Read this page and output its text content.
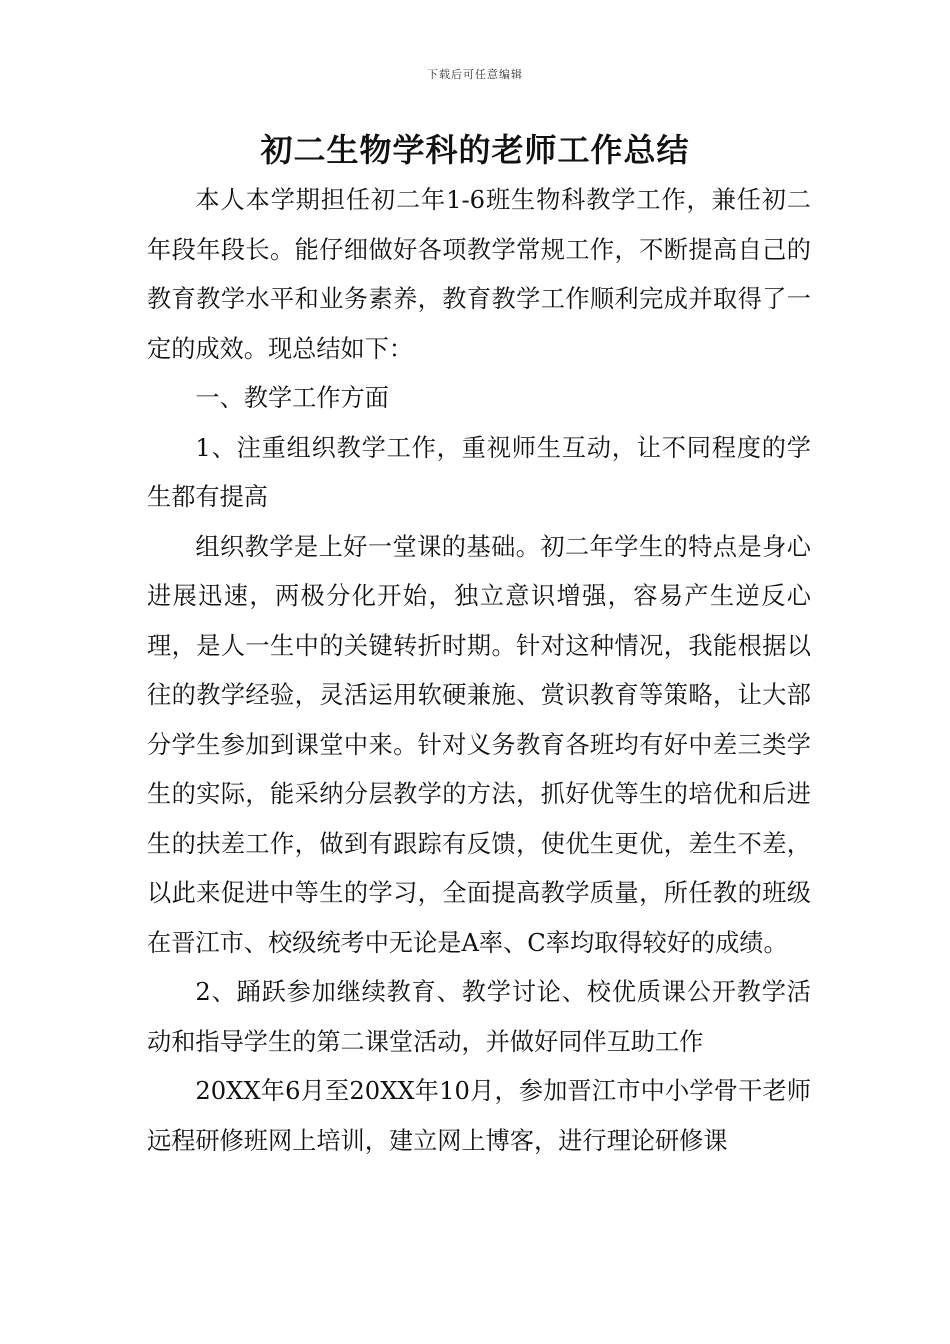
下载后可任意编辑
初二生物学科的老师工作总结

本人本学期担任初二年1-6班生物科教学工作，兼任初二年段年段长。能仔细做好各项教学常规工作，不断提高自己的教育教学水平和业务素养，教育教学工作顺利完成并取得了一定的成效。现总结如下：

一、教学工作方面

1、注重组织教学工作，重视师生互动，让不同程度的学生都有提高

组织教学是上好一堂课的基础。初二年学生的特点是身心进展迅速，两极分化开始，独立意识增强，容易产生逆反心理，是人一生中的关键转折时期。针对这种情况，我能根据以往的教学经验，灵活运用软硬兼施、赏识教育等策略，让大部分学生参加到课堂中来。针对义务教育各班均有好中差三类学生的实际，能采纳分层教学的方法，抓好优等生的培优和后进生的扶差工作，做到有跟踪有反馈，使优生更优，差生不差，以此来促进中等生的学习，全面提高教学质量，所任教的班级在晋江市、校级统考中无论是A率、C率均取得较好的成绩。

2、踊跃参加继续教育、教学讨论、校优质课公开教学活动和指导学生的第二课堂活动，并做好同伴互助工作

20XX年6月至20XX年10月，参加晋江市中小学骨干老师远程研修班网上培训，建立网上博客，进行理论研修课
